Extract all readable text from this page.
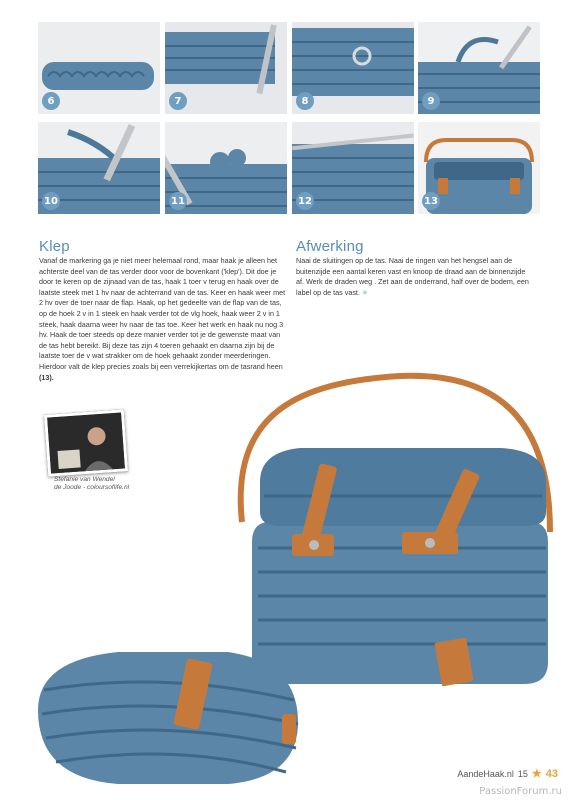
6	7	8	9
10	11	12	13
Klep

Vanaf de markering ga je niet meer helemaal rond, maar haak je alleen het achterste deel van de tas verder door voor de bovenkant ('klep'). Dit doe je door te keren op de zijnaad van de tas, haak 1 toer v terug en haak over de laatste steek met 1 hv naar de achterrand van de tas. Keer en haak weer met 2 hv over de toer naar de flap. Haak, op het gedeelte van de flap van de tas, op de hoek 2 v in 1 steek en haak verder tot de vlg hoek, haak weer 2 v in 1 steek, haak daarna weer hv naar de tas toe. Keer het werk en haak nu nog 3 hv. Haak de toer steeds op deze manier verder tot je de gewenste maat van de tas hebt bereikt. Bij deze tas zijn 4 toeren gehaakt en daarna zijn bij de laatste toer de v wat strakker om de hoek gehaakt zonder meerderingen. Hierdoor valt de klep precies zoals bij een verrekijkertas om de tasrand heen (13).

Afwerking

Naai de sluitingen op de tas. Naai de ringen van het hengsel aan de buitenzijde een aantal keren vast en knoop de draad aan de binnenzijde af. Werk de draden weg . Zet aan de onderrand, half over de bodem, een label op de tas vast. ✳

Stefanie van Wendel
de Joode - coloursoflife.nl
AandeHaak.nl 15 ★ 43
PassionForum.ru
